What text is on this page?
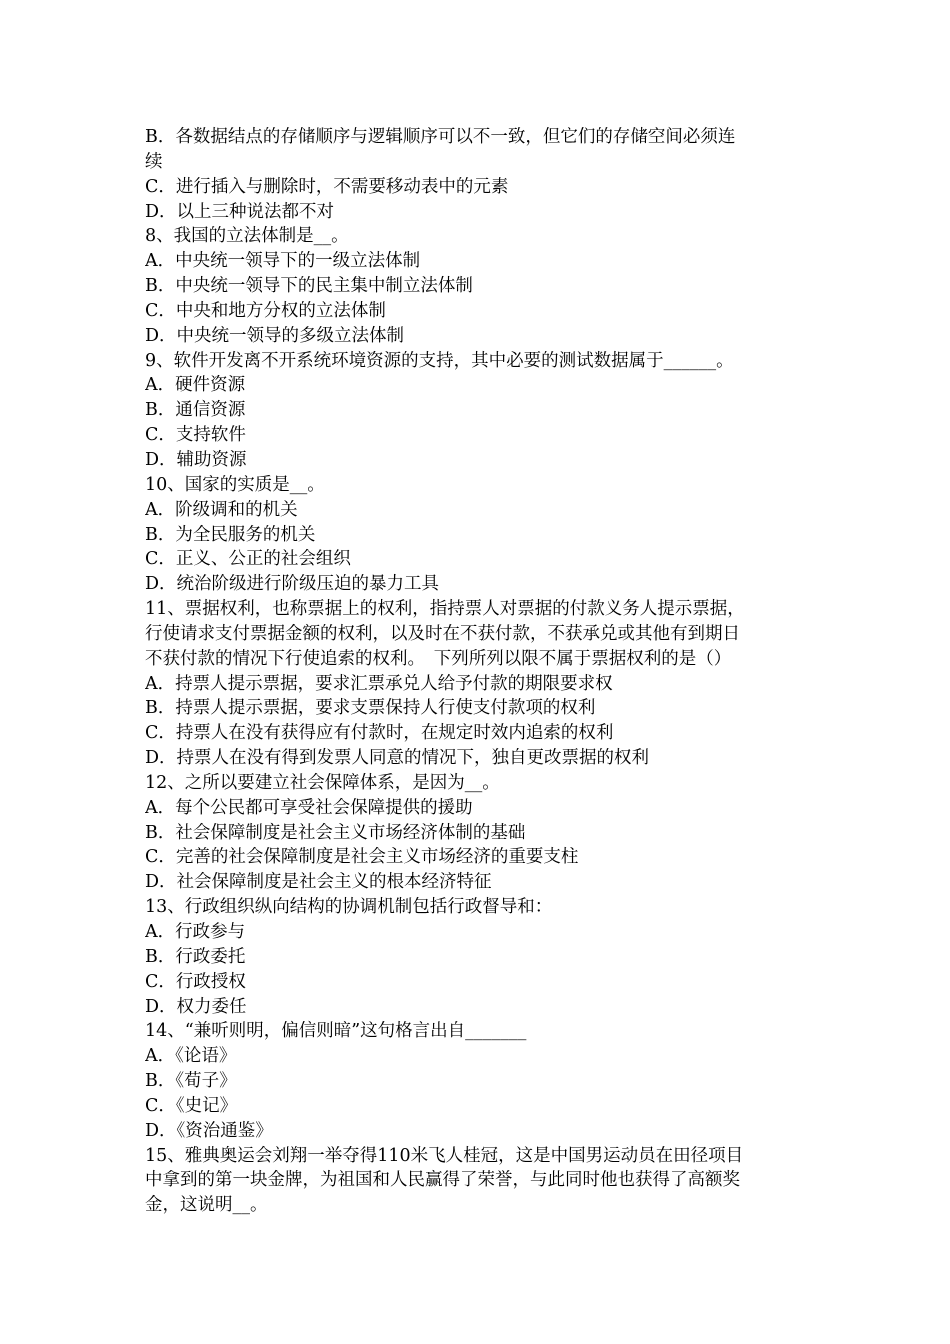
B．各数据结点的存储顺序与逻辑顺序可以不一致，但它们的存储空间必须连
续
C．进行插入与删除时，不需要移动表中的元素
D．以上三种说法都不对
8、我国的立法体制是__。
A．中央统一领导下的一级立法体制
B．中央统一领导下的民主集中制立法体制
C．中央和地方分权的立法体制
D．中央统一领导的多级立法体制
9、软件开发离不开系统环境资源的支持，其中必要的测试数据属于______。
A．硬件资源
B．通信资源
C．支持软件
D．辅助资源
10、国家的实质是__。
A．阶级调和的机关
B．为全民服务的机关
C．正义、公正的社会组织
D．统治阶级进行阶级压迫的暴力工具
11、票据权利，也称票据上的权利，指持票人对票据的付款义务人提示票据，
行使请求支付票据金额的权利，以及时在不获付款，不获承兑或其他有到期日
不获付款的情况下行使追索的权利。　下列所列以限不属于票据权利的是（）
A．持票人提示票据，要求汇票承兑人给予付款的期限要求权
B．持票人提示票据，要求支票保持人行使支付款项的权利
C．持票人在没有获得应有付款时，在规定时效内追索的权利
D．持票人在没有得到发票人同意的情况下，独自更改票据的权利
12、之所以要建立社会保障体系，是因为__。
A．每个公民都可享受社会保障提供的援助
B．社会保障制度是社会主义市场经济体制的基础
C．完善的社会保障制度是社会主义市场经济的重要支柱
D．社会保障制度是社会主义的根本经济特征
13、行政组织纵向结构的协调机制包括行政督导和：
A．行政参与
B．行政委托
C．行政授权
D．权力委任
14、“兼听则明，偏信则暗”这句格言出自_______
A．《论语》
B．《荀子》
C．《史记》
D．《资治通鉴》
15、雅典奥运会刘翔一举夺得110米飞人桂冠，这是中国男运动员在田径项目
中拿到的第一块金牌，为祖国和人民赢得了荣誉，与此同时他也获得了高额奖
金，这说明__。
